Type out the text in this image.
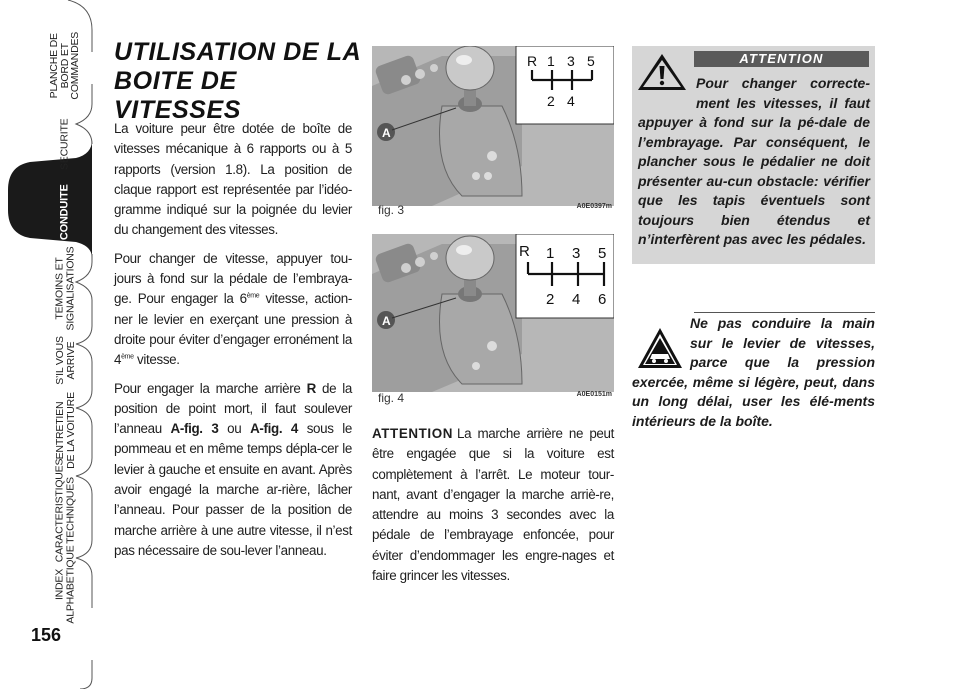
PLANCHE DE
BORD ET
COMMANDES
SECURITE
CONDUITE
TEMOINS ET
SIGNALISATIONS
S’IL VOUS
ARRIVE
ENTRETIEN
DE LA VOITURE
CARACTERISTIQUES
TECHNIQUES
INDEX
ALPHABETIQUE
156
UTILISATION DE LA
BOITE DE VITESSES

La voiture peur être dotée de boîte de vitesses mécanique à 6 rapports ou à 5 rapports (version 1.8). La position de claque rapport est représentée par l’idéo-gramme indiqué sur la poignée du levier du changement des vitesses.

Pour changer de vitesse, appuyer tou-jours à fond sur la pédale de l’embraya-ge. Pour engager la 6ème vitesse, action-ner le levier en exerçant une pression à droite pour éviter d’engager erronément la 4ème vitesse.

Pour engager la marche arrière R de la position de point mort, il faut soulever l’anneau A-fig. 3 ou A-fig. 4 sous le pommeau et en même temps dépla-cer le levier à gauche et ensuite en avant. Après avoir engagé la marche ar-rière, lâcher l’anneau. Pour passer de la position de marche arrière à une autre vitesse, il n’est pas nécessaire de sou-lever l’anneau.

R 1 3 5
2 4
A
fig. 3	A0E0397m
R 1 3 5
2 4 6
A
fig. 4	A0E0151m
ATTENTION La marche arrière ne peut être engagée que si la voiture est complètement à l’arrêt. Le moteur tour-nant, avant d’engager la marche arriè-re, attendre au moins 3 secondes avec la pédale de l’embrayage enfoncée, pour éviter d’endommager les engre-nages et faire grincer les vitesses.
ATTENTION
Pour changer correcte-ment les vitesses, il faut appuyer à fond sur la pé-dale de l’embrayage. Par conséquent, le plancher sous le pédalier ne doit présenter au-cun obstacle: vérifier que les tapis éventuels sont toujours bien étendus et n’interfèrent pas avec les pédales.
Ne pas conduire la main sur le levier de vitesses, parce que la pression exercée, même si légère, peut, dans un long délai, user les élé-ments intérieurs de la boîte.
